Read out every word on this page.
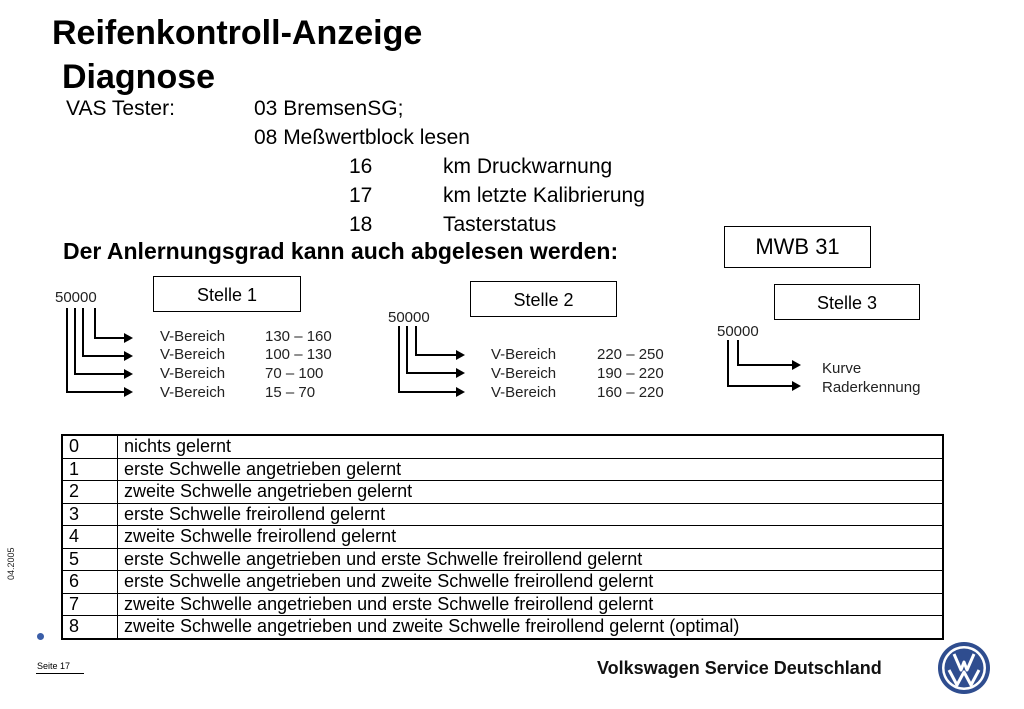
Reifenkontroll-Anzeige
Diagnose
VAS Tester:	03 BremsenSG;
08 Meßwertblock lesen
16	km Druckwarnung
17	km letzte Kalibrierung
18	Tasterstatus
Der Anlernungsgrad kann auch abgelesen werden:	MWB 31
Stelle 1	Stelle 2	Stelle 3
50000
V-Bereich	130 – 160
V-Bereich	100 – 130
V-Bereich	70 – 100
V-Bereich	15 – 70
50000
V-Bereich	220 – 250
V-Bereich	190 – 220
V-Bereich	160 – 220
50000
Kurve
Raderkennung
0	nichts gelernt
1	erste Schwelle angetrieben gelernt
2	zweite Schwelle angetrieben gelernt
3	erste Schwelle freirollend gelernt
4	zweite Schwelle freirollend gelernt
5	erste Schwelle angetrieben und erste Schwelle freirollend gelernt
6	erste Schwelle angetrieben und zweite Schwelle freirollend gelernt
7	zweite Schwelle angetrieben und erste Schwelle freirollend gelernt
8	zweite Schwelle angetrieben und zweite Schwelle freirollend gelernt (optimal)
04.2005
Seite 17	Volkswagen Service Deutschland
